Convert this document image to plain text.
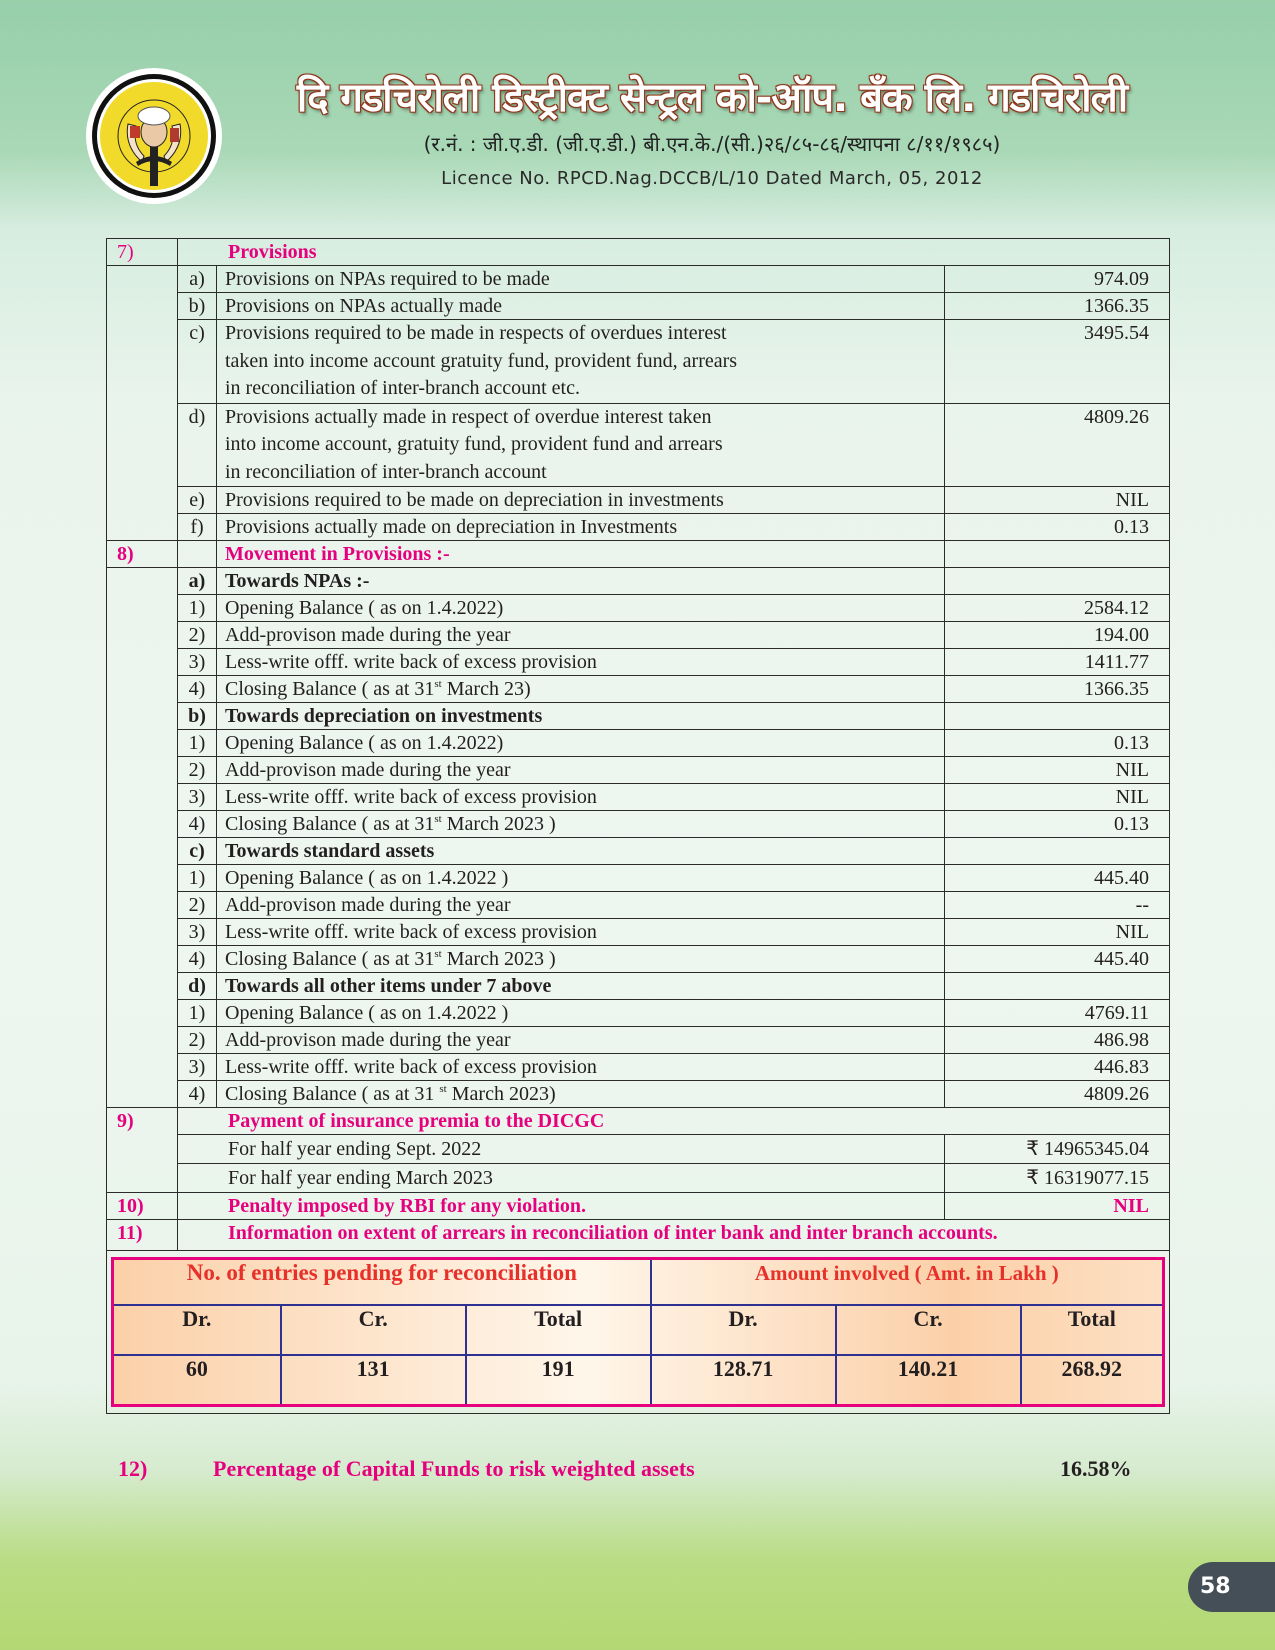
दि गडचिरोली डिस्ट्रीक्ट सेन्ट्रल को-ऑप. बँक लि. गडचिरोली
(र.नं. : जी.ए.डी. (जी.ए.डी.) बी.एन.के./(सी.)२६/८५-८६/स्थापना ८/११/१९८५)
Licence No. RPCD.Nag.DCCB/L/10 Dated March, 05, 2012
7)	Provisions
	a)	Provisions on NPAs required to be made	974.09
b)	Provisions on NPAs actually made	1366.35
c)	Provisions required to be made in respects of overdues interest
taken into income account gratuity fund, provident fund, arrears
in reconciliation of inter-branch account etc.
	3495.54
d)	Provisions actually made in respect of overdue interest taken
into income account, gratuity fund, provident fund and arrears
in reconciliation of inter-branch account
	4809.26
e)	Provisions required to be made on depreciation in investments	NIL
f)	Provisions actually made on depreciation in Investments	0.13
8)		Movement in Provisions :-	
	a)	Towards NPAs :-	
1)	Opening Balance ( as on 1.4.2022)	2584.12
2)	Add-provison made during the year	194.00
3)	Less-write offf. write back of excess provision	1411.77
4)	Closing Balance ( as at 31st March 23)	1366.35
b)	Towards depreciation on investments	
1)	Opening Balance ( as on 1.4.2022)	0.13
2)	Add-provison made during the year	NIL
3)	Less-write offf. write back of excess provision	NIL
4)	Closing Balance ( as at 31st March 2023 )	0.13
c)	Towards standard assets	
1)	Opening Balance ( as on 1.4.2022 )	445.40
2)	Add-provison made during the year	--
3)	Less-write offf. write back of excess provision	NIL
4)	Closing Balance ( as at 31st March 2023 )	445.40
d)	Towards all other items under 7 above	
1)	Opening Balance ( as on 1.4.2022 )	4769.11
2)	Add-provison made during the year	486.98
3)	Less-write offf. write back of excess provision	446.83
4)	Closing Balance ( as at 31 $^{st}$ March 2023)	4809.26
9)	Payment of insurance premia to the DICGC
For half year ending Sept. 2022	₹ 14965345.04
For half year ending March 2023	₹ 16319077.15
10)	Penalty imposed by RBI for any violation.	NIL
11)	Information on extent of arrears in reconciliation of inter bank and inter branch accounts.

No. of entries pending for reconciliation	Amount involved ( Amt. in Lakh )
Dr.	Cr.	Total	Dr.	Cr.	Total
60	131	191	128.71	140.21	268.92
12)	Percentage of Capital Funds to risk weighted assets	16.58%
58
